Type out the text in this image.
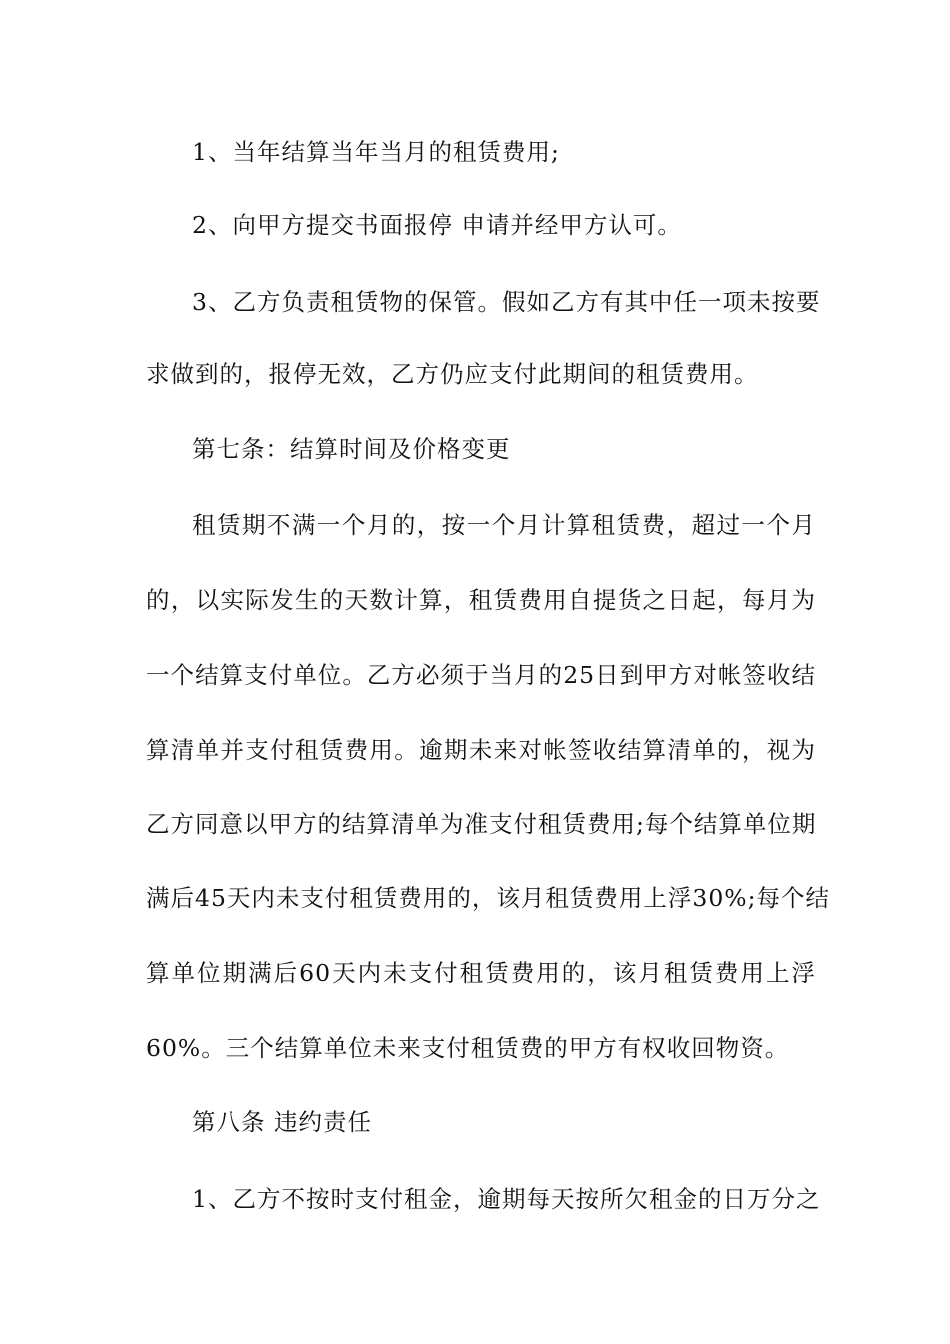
1、当年结算当年当月的租赁费用;
2、向甲方提交书面报停 申请并经甲方认可。
3、乙方负责租赁物的保管。假如乙方有其中任一项未按要
求做到的，报停无效，乙方仍应支付此期间的租赁费用。
第七条：结算时间及价格变更
租赁期不满一个月的，按一个月计算租赁费，超过一个月
的，以实际发生的天数计算，租赁费用自提货之日起，每月为
一个结算支付单位。乙方必须于当月的25日到甲方对帐签收结
算清单并支付租赁费用。逾期未来对帐签收结算清单的，视为
乙方同意以甲方的结算清单为准支付租赁费用;每个结算单位期
满后45天内未支付租赁费用的，该月租赁费用上浮30%;每个结
算单位期满后60天内未支付租赁费用的，该月租赁费用上浮
60%。三个结算单位未来支付租赁费的甲方有权收回物资。
第八条 违约责任
1、乙方不按时支付租金，逾期每天按所欠租金的日万分之
